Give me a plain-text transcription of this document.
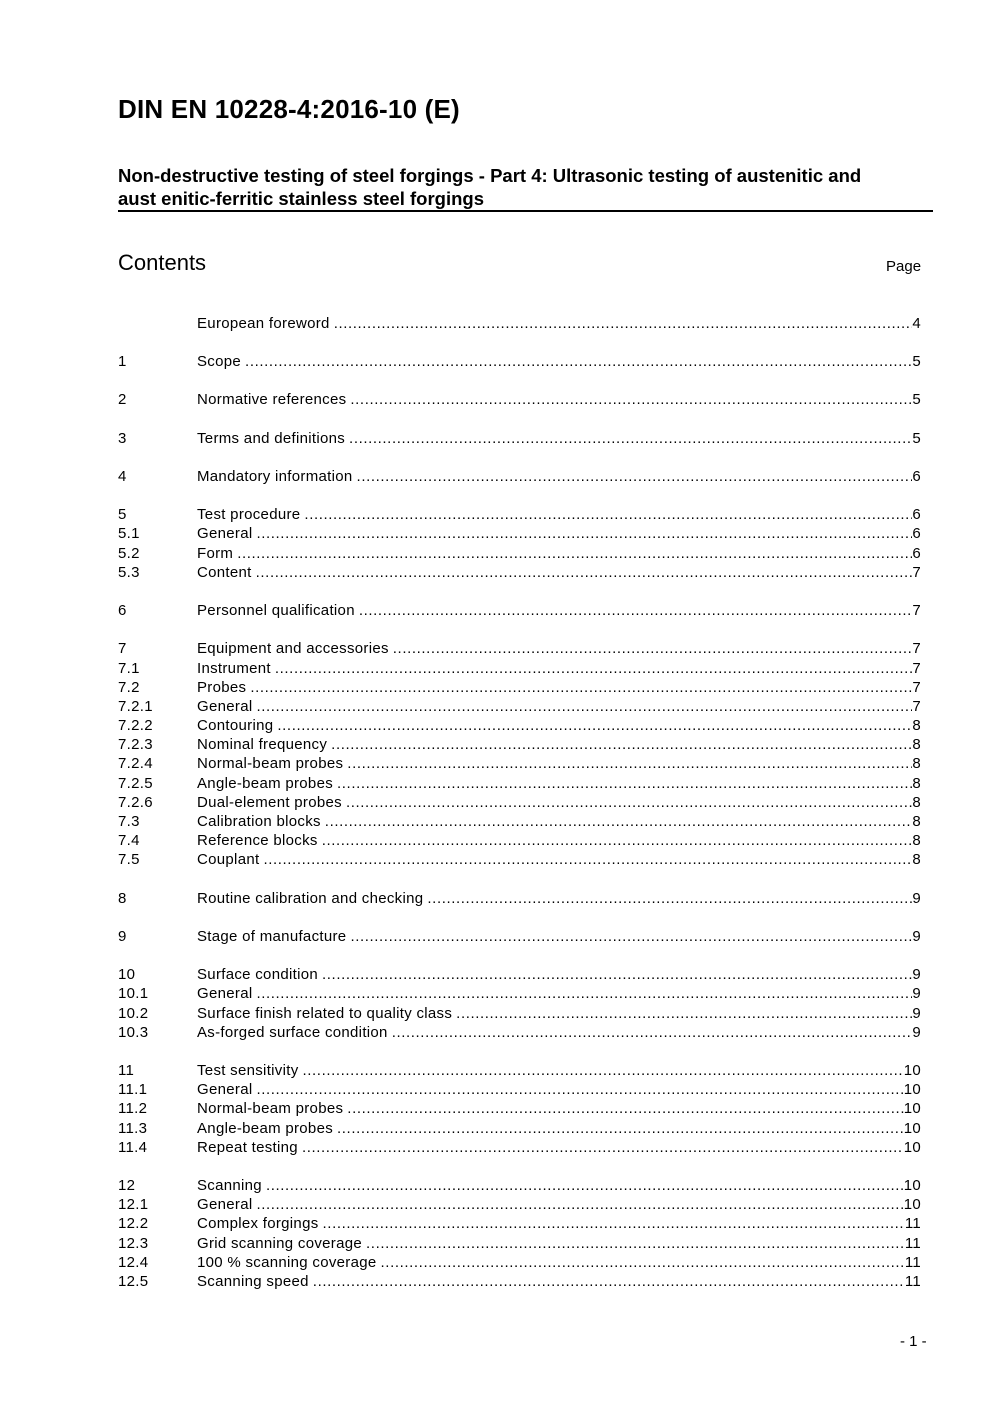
DIN EN 10228-4:2016-10 (E)
Non-destructive testing of steel forgings - Part 4: Ultrasonic testing of austenitic and
aust enitic-ferritic stainless steel forgings
Contents	Page
European foreword .....	4
1	Scope .....	5
2	Normative references .....	5
3	Terms and definitions .....	5
4	Mandatory information .....	6
5	Test procedure .....	6
5.1	General .....	6
5.2	Form .....	6
5.3	Content .....	7
6	Personnel qualification .....	7
7	Equipment and accessories .....	7
7.1	Instrument .....	7
7.2	Probes .....	7
7.2.1	General .....	7
7.2.2	Contouring .....	8
7.2.3	Nominal frequency .....	8
7.2.4	Normal-beam probes .....	8
7.2.5	Angle-beam probes .....	8
7.2.6	Dual-element probes .....	8
7.3	Calibration blocks .....	8
7.4	Reference blocks .....	8
7.5	Couplant .....	8
8	Routine calibration and checking .....	9
9	Stage of manufacture .....	9
10	Surface condition .....	9
10.1	General .....	9
10.2	Surface finish related to quality class .....	9
10.3	As-forged surface condition .....	9
11	Test sensitivity .....	10
11.1	General .....	10
11.2	Normal-beam probes .....	10
11.3	Angle-beam probes .....	10
11.4	Repeat testing .....	10
12	Scanning .....	10
12.1	General .....	10
12.2	Complex forgings .....	11
12.3	Grid scanning coverage .....	11
12.4	100 % scanning coverage .....	11
12.5	Scanning speed .....	11
- 1 -
